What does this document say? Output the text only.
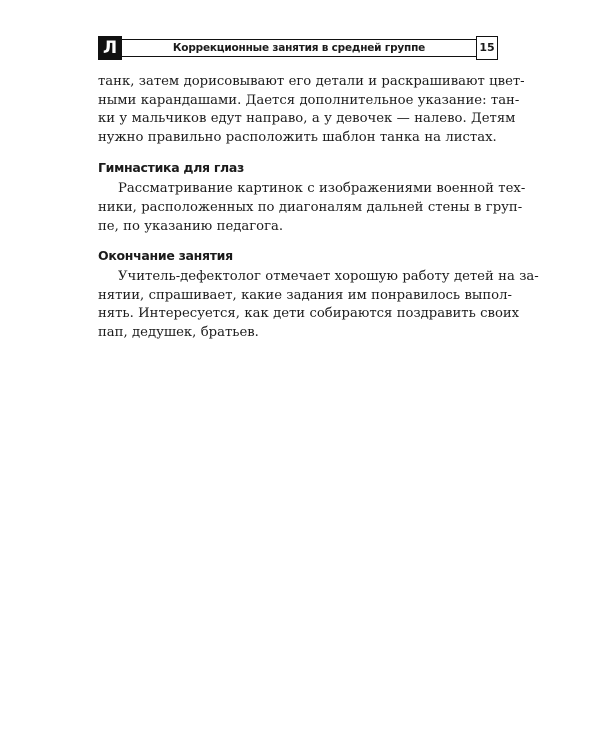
Л	Коррекционные занятия в средней группе	15

танк, затем дорисовывают его детали и раскрашивают цвет-
ными карандашами. Дается дополнительное указание: тан-
ки у мальчиков едут направо, а у девочек — налево. Детям
нужно правильно расположить шаблон танка на листах.

Гимнастика для глаз

Рассматривание картинок с изображениями военной тех-
ники, расположенных по диагоналям дальней стены в груп-
пе, по указанию педагога.

Окончание занятия

Учитель-дефектолог отмечает хорошую работу детей на за-
нятии, спрашивает, какие задания им понравилось выпол-
нять. Интересуется, как дети собираются поздравить своих
пап, дедушек, братьев.
